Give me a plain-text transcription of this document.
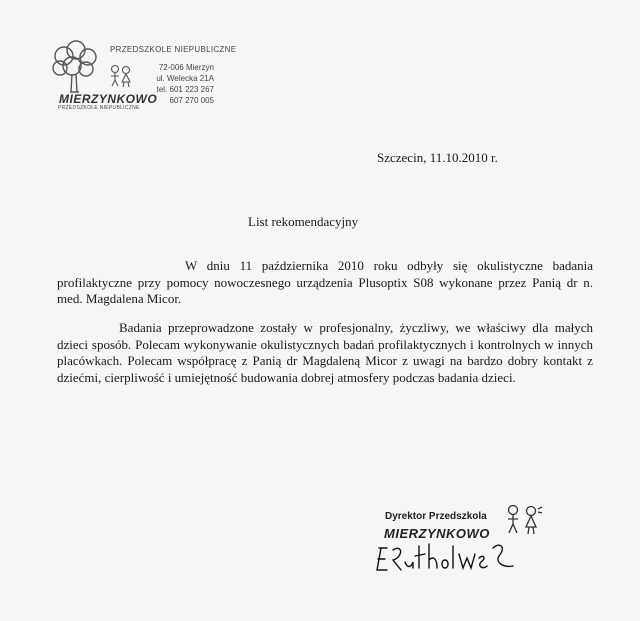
MIERZYNKOWO
PRZEDSZKOLE NIEPUBLICZNE
PRZEDSZKOLE NIEPUBLICZNE
72-006 Mierzyn
ul. Welecka 21A
tel. 601 223 267
607 270 005
Szczecin, 11.10.2010 r.
List rekomendacyjny

W dniu 11 października 2010 roku odbyły się okulistyczne badania profilaktyczne przy pomocy nowoczesnego urządzenia Plusoptix S08 wykonane przez Panią dr n. med. Magdalena Micor.

Badania przeprowadzone zostały w profesjonalny, życzliwy, we właściwy dla małych dzieci sposób. Polecam wykonywanie okulistycznych badań profilaktycznych i kontrolnych w innych placówkach. Polecam współpracę z Panią dr Magdaleną Micor z uwagi na bardzo dobry kontakt z dziećmi, cierpliwość i umiejętność budowania dobrej atmosfery podczas badania dzieci.

Dyrektor Przedszkola
MIERZYNKOWO
